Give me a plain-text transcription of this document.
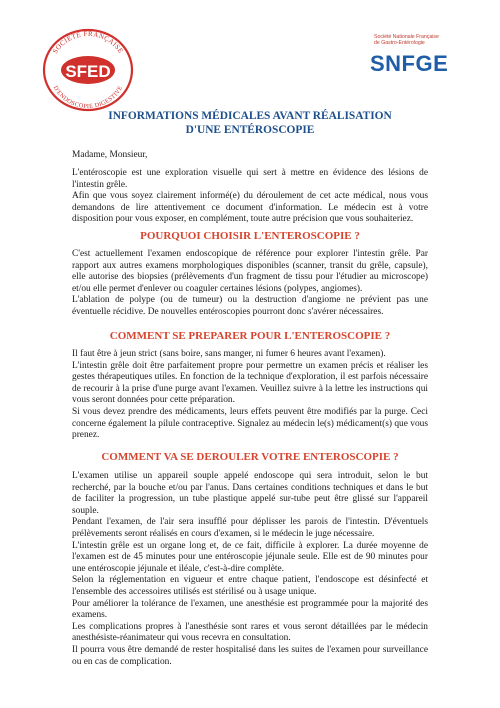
SOCIÉTÉ FRANÇAISE
D'ENDOSCOPIE DIGESTIVE
SFED
Société Nationale Française
de Gastro-Entérologie
SNFGE
INFORMATIONS MÉDICALES AVANT RÉALISATION
D'UNE ENTÉROSCOPIE
Madame, Monsieur,

L'entéroscopie est une exploration visuelle qui sert à mettre en évidence des lésions de l'intestin grêle.

Afin que vous soyez clairement informé(e) du déroulement de cet acte médical, nous vous demandons de lire attentivement ce document d'information. Le médecin est à votre disposition pour vous exposer, en complément, toute autre précision que vous souhaiteriez.

POURQUOI CHOISIR L'ENTEROSCOPIE ?

C'est actuellement l'examen endoscopique de référence pour explorer l'intestin grêle. Par rapport aux autres examens morphologiques disponibles (scanner, transit du grêle, capsule), elle autorise des biopsies (prélèvements d'un fragment de tissu pour l'étudier au microscope) et/ou elle permet d'enlever ou coaguler certaines lésions (polypes, angiomes).

L'ablation de polype (ou de tumeur) ou la destruction d'angiome ne prévient pas une éventuelle récidive. De nouvelles entéroscopies pourront donc s'avérer nécessaires.

COMMENT SE PREPARER POUR L'ENTEROSCOPIE ?

Il faut être à jeun strict (sans boire, sans manger, ni fumer 6 heures avant l'examen).

L'intestin grêle doit être parfaitement propre pour permettre un examen précis et réaliser les gestes thérapeutiques utiles. En fonction de la technique d'exploration, il est parfois nécessaire de recourir à la prise d'une purge avant l'examen. Veuillez suivre à la lettre les instructions qui vous seront données pour cette préparation.

Si vous devez prendre des médicaments, leurs effets peuvent être modifiés par la purge. Ceci concerne également la pilule contraceptive. Signalez au médecin le(s) médicament(s) que vous prenez.

COMMENT VA SE DEROULER VOTRE ENTEROSCOPIE ?

L'examen utilise un appareil souple appelé endoscope qui sera introduit, selon le but recherché, par la bouche et/ou par l'anus. Dans certaines conditions techniques et dans le but de faciliter la progression, un tube plastique appelé sur-tube peut être glissé sur l'appareil souple.

Pendant l'examen, de l'air sera insufflé pour déplisser les parois de l'intestin. D'éventuels prélèvements seront réalisés en cours d'examen, si le médecin le juge nécessaire.

L'intestin grêle est un organe long et, de ce fait, difficile à explorer. La durée moyenne de l'examen est de 45 minutes pour une entéroscopie jéjunale seule. Elle est de 90 minutes pour une entéroscopie jéjunale et iléale, c'est-à-dire complète.

Selon la réglementation en vigueur et entre chaque patient, l'endoscope est désinfecté et l'ensemble des accessoires utilisés est stérilisé ou à usage unique.

Pour améliorer la tolérance de l'examen, une anesthésie est programmée pour la majorité des examens.

Les complications propres à l'anesthésie sont rares et vous seront détaillées par le médecin anesthésiste-réanimateur qui vous recevra en consultation.

Il pourra vous être demandé de rester hospitalisé dans les suites de l'examen pour surveillance ou en cas de complication.
